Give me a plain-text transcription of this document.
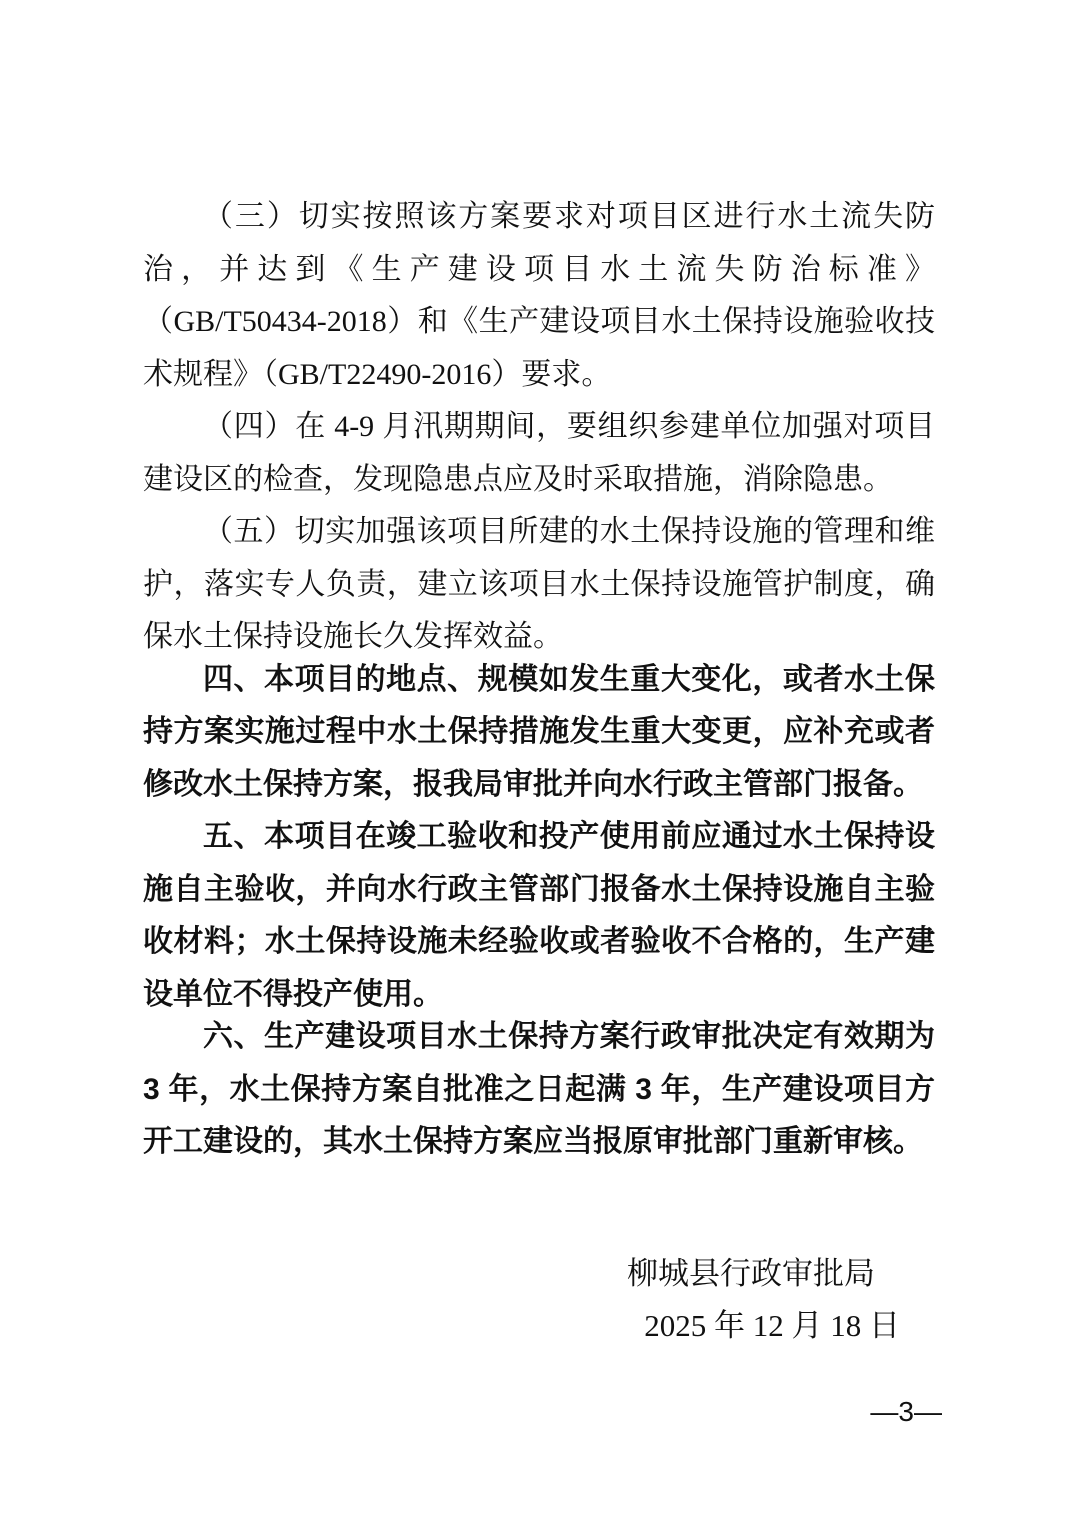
（三）切实按照该方案要求对项目区进行水土流失防治，并达到《生产建设项目水土流失防治标准》（GB/T50434-2018）和《生产建设项目水土保持设施验收技术规程》（GB/T22490-2016）要求。

（四）在 4-9 月汛期期间，要组织参建单位加强对项目建设区的检查，发现隐患点应及时采取措施，消除隐患。

（五）切实加强该项目所建的水土保持设施的管理和维护，落实专人负责，建立该项目水土保持设施管护制度，确保水土保持设施长久发挥效益。

四、本项目的地点、规模如发生重大变化，或者水土保持方案实施过程中水土保持措施发生重大变更，应补充或者修改水土保持方案，报我局审批并向水行政主管部门报备。

五、本项目在竣工验收和投产使用前应通过水土保持设施自主验收，并向水行政主管部门报备水土保持设施自主验收材料；水土保持设施未经验收或者验收不合格的，生产建设单位不得投产使用。

六、生产建设项目水土保持方案行政审批决定有效期为 3 年，水土保持方案自批准之日起满 3 年，生产建设项目方开工建设的，其水土保持方案应当报原审批部门重新审核。

柳城县行政审批局
2025 年 12 月 18 日
—3—
